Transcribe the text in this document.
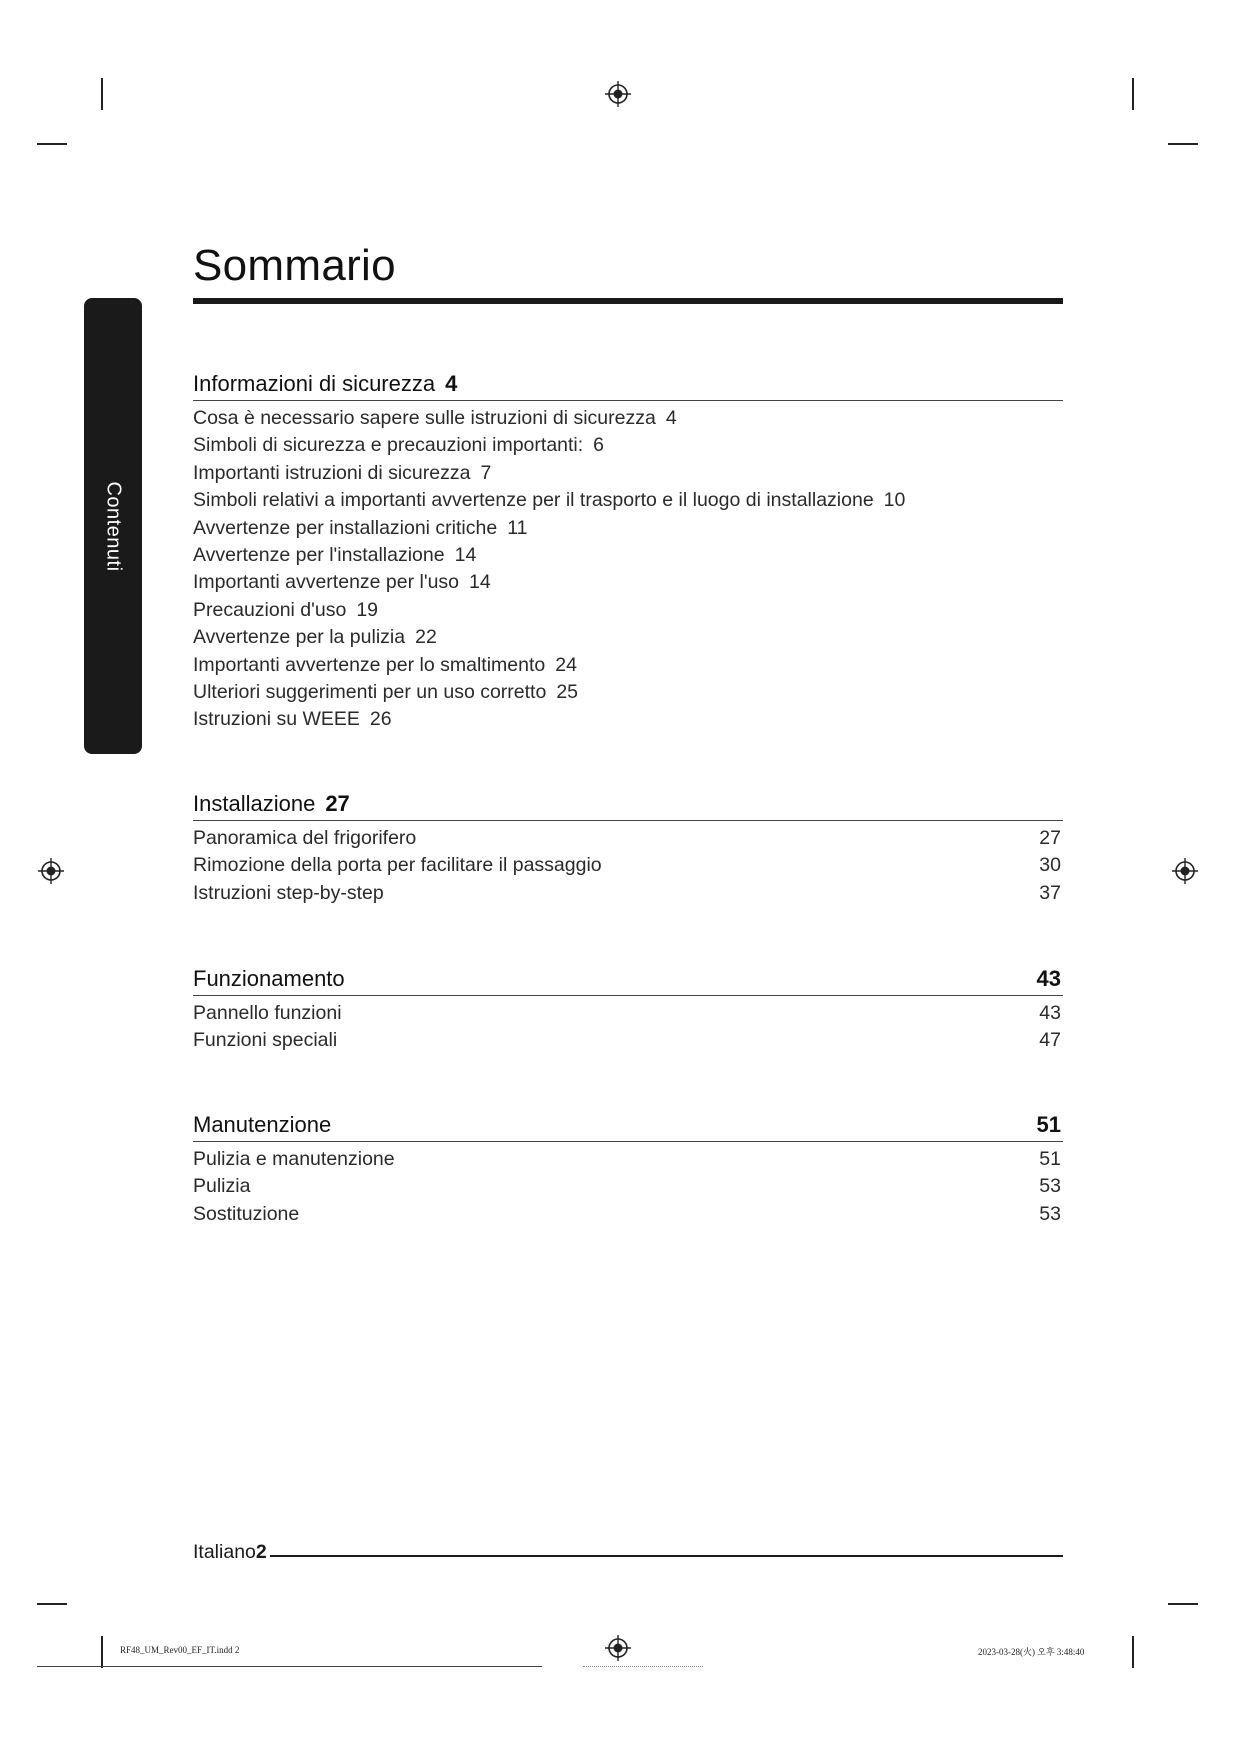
Contenuti
Sommario
Informazioni di sicurezza 4
Cosa è necessario sapere sulle istruzioni di sicurezza 4
Simboli di sicurezza e precauzioni importanti: 6
Importanti istruzioni di sicurezza 7
Simboli relativi a importanti avvertenze per il trasporto e il luogo di installazione 10
Avvertenze per installazioni critiche 11
Avvertenze per l'installazione 14
Importanti avvertenze per l'uso 14
Precauzioni d'uso 19
Avvertenze per la pulizia 22
Importanti avvertenze per lo smaltimento 24
Ulteriori suggerimenti per un uso corretto 25
Istruzioni su WEEE 26
Installazione 27
Panoramica del frigorifero	27
Rimozione della porta per facilitare il passaggio	30
Istruzioni step-by-step	37
Funzionamento	43
Pannello funzioni	43
Funzioni speciali	47
Manutenzione	51
Pulizia e manutenzione	51
Pulizia	53
Sostituzione	53
Italiano2
RF48_UM_Rev00_EF_IT.indd 2	2023-03-28(火) 오후 3:48:40
